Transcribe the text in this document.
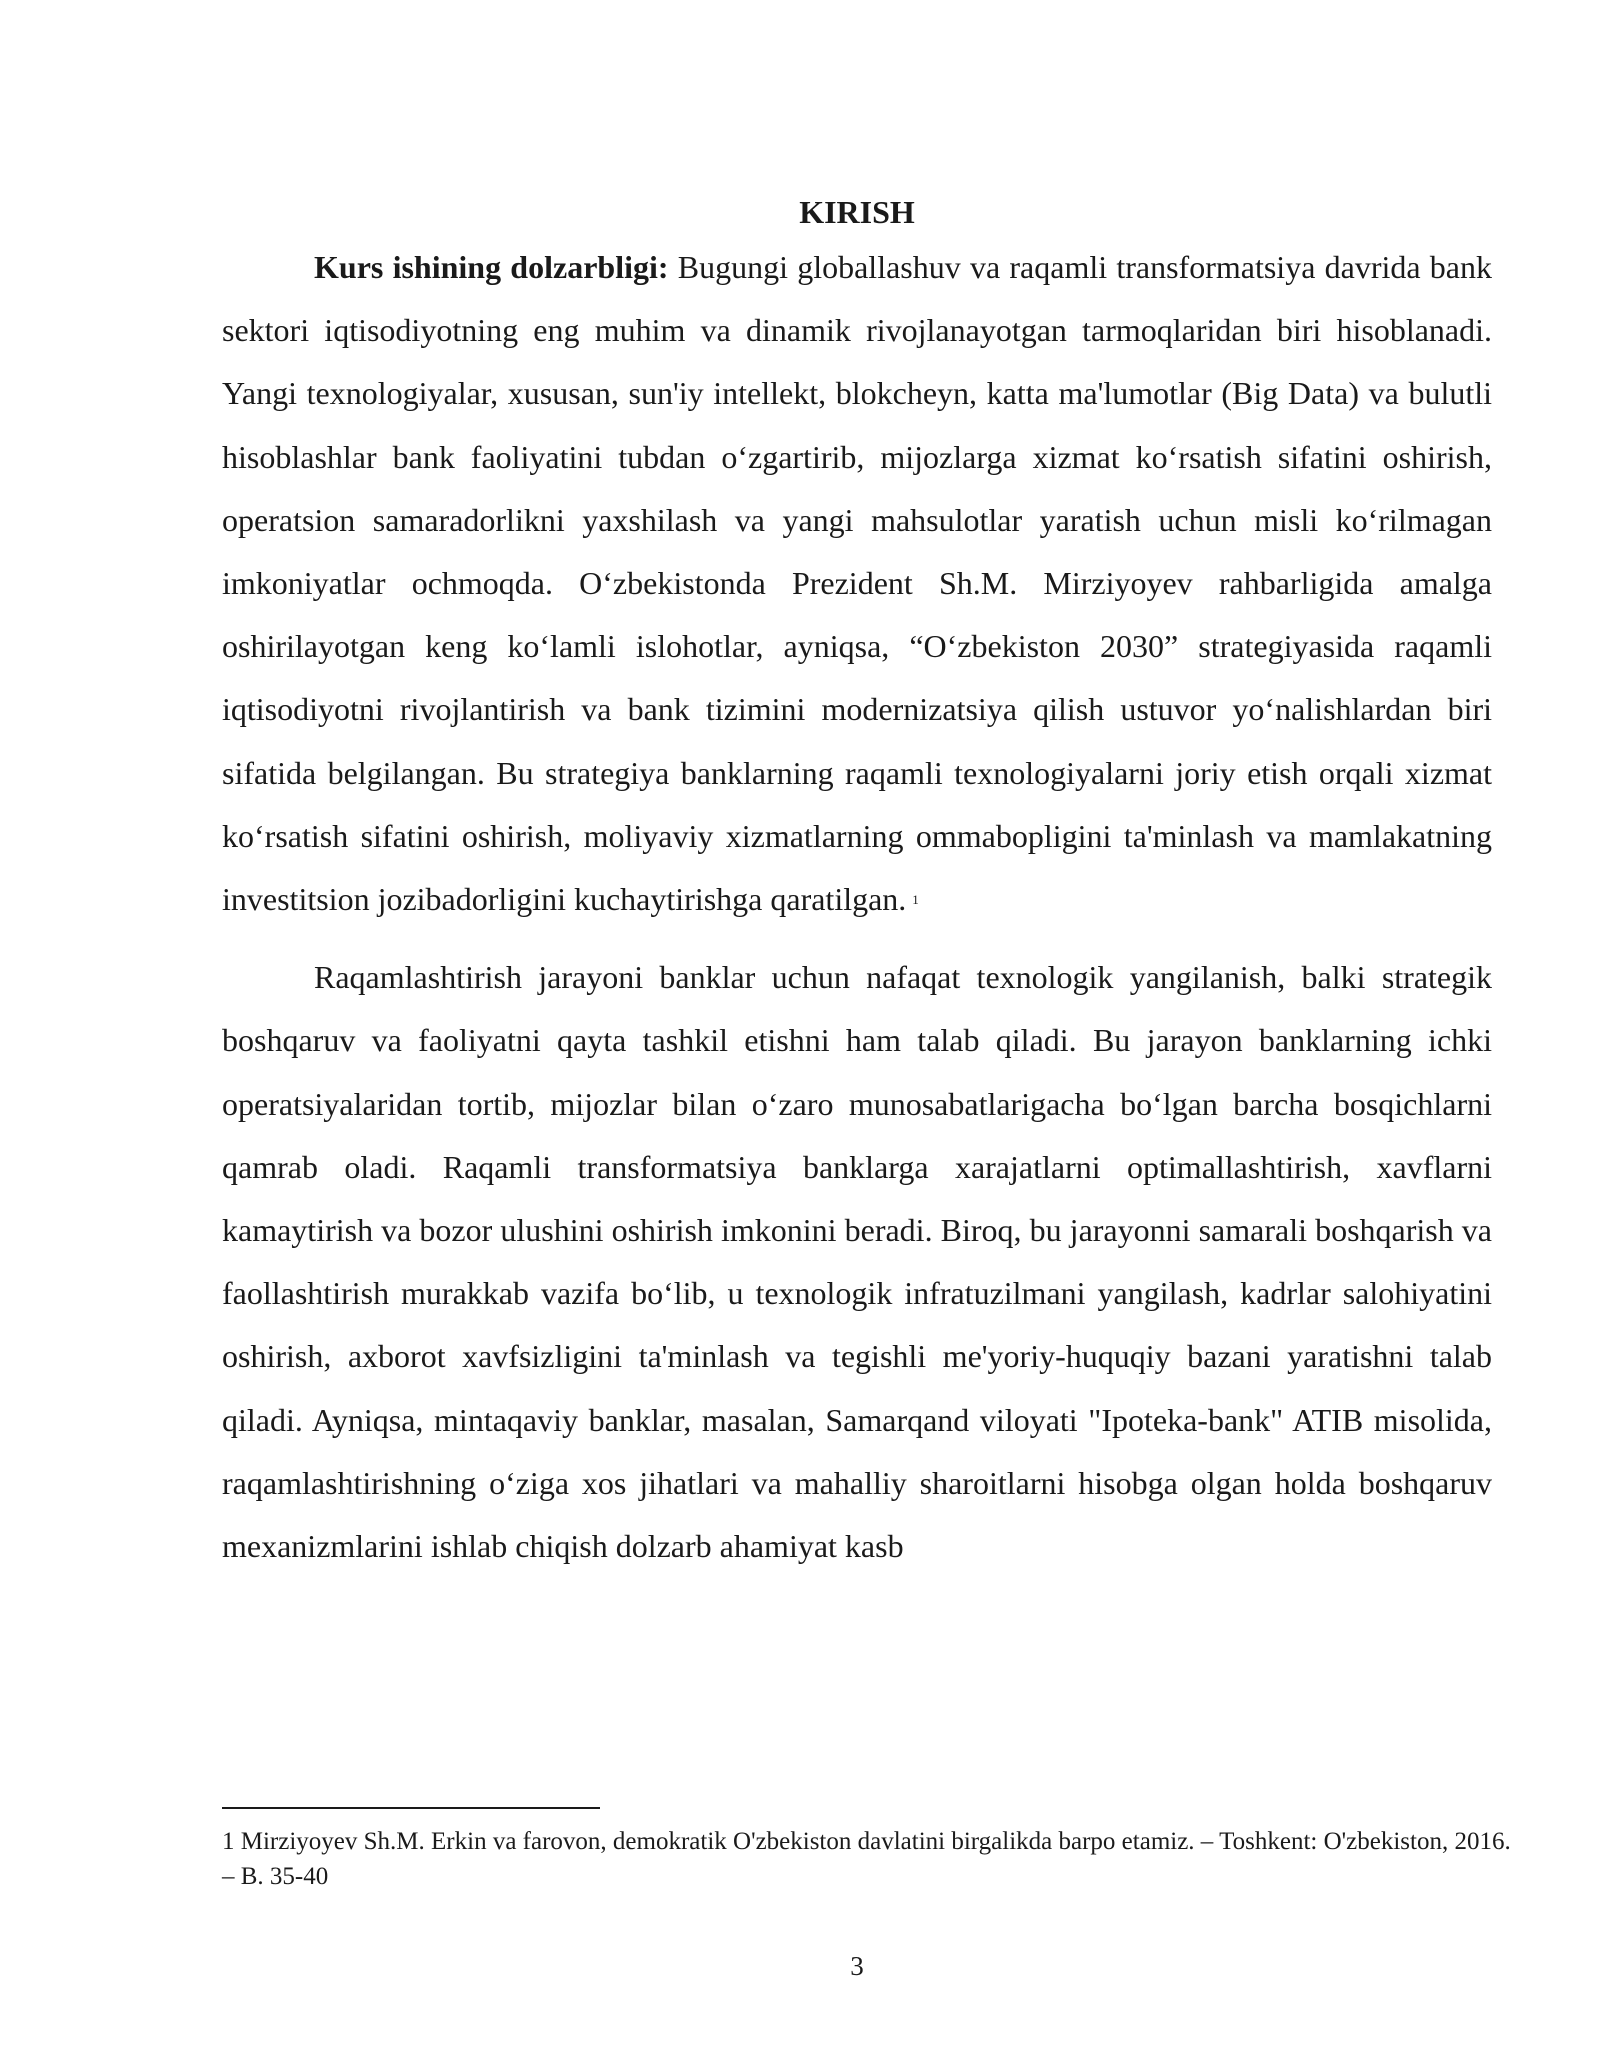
KIRISH

Kurs ishining dolzarbligi: Bugungi globallashuv va raqamli transformatsiya davrida bank sektori iqtisodiyotning eng muhim va dinamik rivojlanayotgan tarmoqlaridan biri hisoblanadi. Yangi texnologiyalar, xususan, sun'iy intellekt, blokcheyn, katta ma'lumotlar (Big Data) va bulutli hisoblashlar bank faoliyatini tubdan o‘zgartirib, mijozlarga xizmat ko‘rsatish sifatini oshirish, operatsion samaradorlikni yaxshilash va yangi mahsulotlar yaratish uchun misli ko‘rilmagan imkoniyatlar ochmoqda. O‘zbekistonda Prezident Sh.M. Mirziyoyev rahbarligida amalga oshirilayotgan keng ko‘lamli islohotlar, ayniqsa, “O‘zbekiston 2030” strategiyasida raqamli iqtisodiyotni rivojlantirish va bank tizimini modernizatsiya qilish ustuvor yo‘nalishlardan biri sifatida belgilangan. Bu strategiya banklarning raqamli texnologiyalarni joriy etish orqali xizmat ko‘rsatish sifatini oshirish, moliyaviy xizmatlarning ommabopligini ta'minlash va mamlakatning investitsion jozibadorligini kuchaytirishga qaratilgan. $^1$

Raqamlashtirish jarayoni banklar uchun nafaqat texnologik yangilanish, balki strategik boshqaruv va faoliyatni qayta tashkil etishni ham talab qiladi. Bu jarayon banklarning ichki operatsiyalaridan tortib, mijozlar bilan o‘zaro munosabatlarigacha bo‘lgan barcha bosqichlarni qamrab oladi. Raqamli transformatsiya banklarga xarajatlarni optimallashtirish, xavflarni kamaytirish va bozor ulushini oshirish imkonini beradi. Biroq, bu jarayonni samarali boshqarish va faollashtirish murakkab vazifa bo‘lib, u texnologik infratuzilmani yangilash, kadrlar salohiyatini oshirish, axborot xavfsizligini ta'minlash va tegishli me'yoriy-huquqiy bazani yaratishni talab qiladi. Ayniqsa, mintaqaviy banklar, masalan, Samarqand viloyati "Ipoteka-bank" ATIB misolida, raqamlashtirishning o‘ziga xos jihatlari va mahalliy sharoitlarni hisobga olgan holda boshqaruv mexanizmlarini ishlab chiqish dolzarb ahamiyat kasb

1 Mirziyoyev Sh.M. Erkin va farovon, demokratik O'zbekiston davlatini birgalikda barpo etamiz. – Toshkent: O'zbekiston, 2016. – B. 35-40

3
